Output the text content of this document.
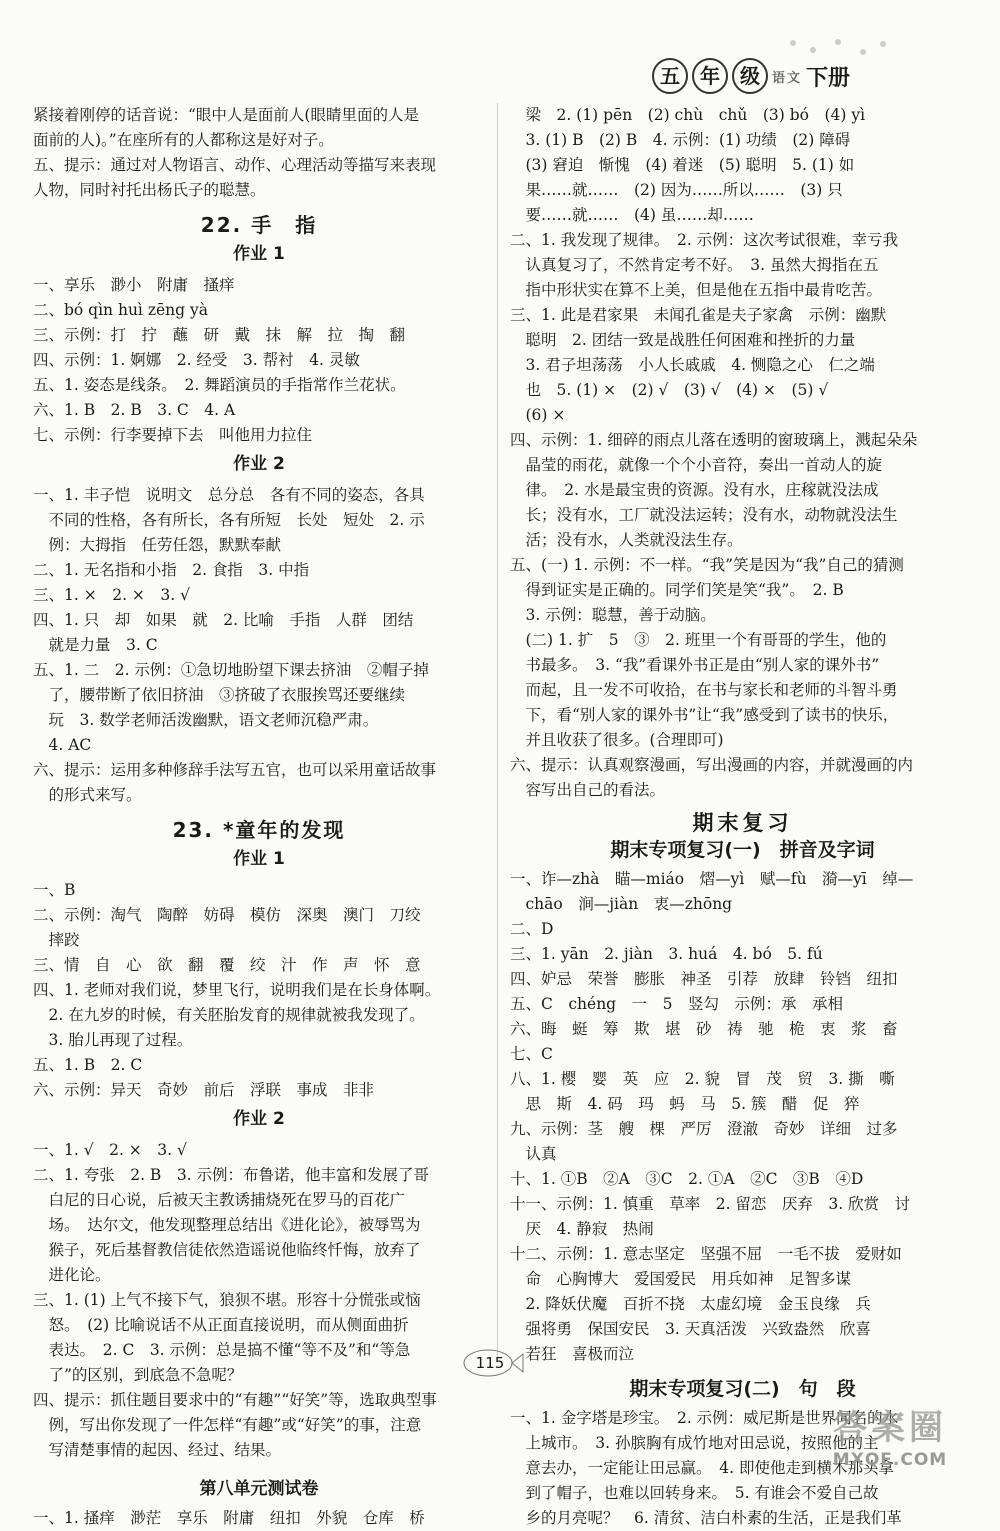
五	年	级 语文 下册
紧接着刚停的话音说：“眼中人是面前人(眼睛里面的人是
面前的人)。”在座所有的人都称这是好对子。
五、提示：通过对人物语言、动作、心理活动等描写来表现
人物，同时衬托出杨氏子的聪慧。
22. 手　指
作业 1
一、享乐　渺小　附庸　搔痒
二、bó qìn huì zēng yà
三、示例：打　拧　蘸　研　戴　抹　解　拉　掏　翻
四、示例：1. 婀娜　2. 经受　3. 帮衬　4. 灵敏
五、1. 姿态是线条。　2. 舞蹈演员的手指常作兰花状。
六、1. B　2. B　3. C　4. A
七、示例：行李要掉下去　叫他用力拉住
作业 2
一、1. 丰子恺　说明文　总分总　各有不同的姿态，各具
　不同的性格，各有所长，各有所短　长处　短处　2. 示
　例：大拇指　任劳任怨，默默奉献
二、1. 无名指和小指　2. 食指　3. 中指
三、1. ×　2. ×　3. √
四、1. 只　却　如果　就　2. 比喻　手指　人群　团结
　就是力量　3. C
五、1. 二　2. 示例：①急切地盼望下课去挤油　②帽子掉
　了，腰带断了依旧挤油　③挤破了衣服挨骂还要继续
　玩　3. 数学老师活泼幽默，语文老师沉稳严肃。
　4. AC
六、提示：运用多种修辞手法写五官，也可以采用童话故事
　的形式来写。
23. *童年的发现
作业 1
一、B
二、示例：淘气　陶醉　妨碍　模仿　深奥　澳门　刀绞
　摔跤
三、情　自　心　欲　翻　覆　绞　汁　作　声　怀　意
四、1. 老师对我们说，梦里飞行，说明我们是在长身体啊。
　2. 在九岁的时候，有关胚胎发育的规律就被我发现了。
　3. 胎儿再现了过程。
五、1. B　2. C
六、示例：异天　奇妙　前后　浮联　事成　非非
作业 2
一、1. √　2. ×　3. √
二、1. 夸张　2. B　3. 示例：布鲁诺，他丰富和发展了哥
　白尼的日心说，后被天主教诱捕烧死在罗马的百花广
　场。　达尔文，他发现整理总结出《进化论》，被辱骂为
　猴子，死后基督教信徒依然造谣说他临终忏悔，放弃了
　进化论。
三、1. (1) 上气不接下气，狼狈不堪。形容十分慌张或恼
　怒。　(2) 比喻说话不从正面直接说明，而从侧面曲折
　表达。　2. C　3. 示例：总是搞不懂“等不及”和“等急
　了”的区别，到底急不急呢？
四、提示：抓住题目要求中的“有趣”“好笑”等，选取典型事
　例，写出你发现了一件怎样“有趣”或“好笑”的事，注意
　写清楚事情的起因、经过、结果。
第八单元测试卷
一、1. 搔痒　渺茫　享乐　附庸　纽扣　外貌　仓库　桥
　梁　2. (1) pēn　(2) chù　chǔ　(3) bó　(4) yì
　3. (1) B　(2) B　4. 示例：(1) 功绩　(2) 障碍
　(3) 窘迫　惭愧　(4) 着迷　(5) 聪明　5. (1) 如
　果……就……　(2) 因为……所以……　(3) 只
　要……就……　(4) 虽……却……
二、1. 我发现了规律。　2. 示例：这次考试很难，幸亏我
　认真复习了，不然肯定考不好。　3. 虽然大拇指在五
　指中形状实在算不上美，但是他在五指中最肯吃苦。
三、1. 此是君家果　未闻孔雀是夫子家禽　示例：幽默
　聪明　2. 团结一致是战胜任何困难和挫折的力量
　3. 君子坦荡荡　小人长戚戚　4. 恻隐之心　仁之端
　也　5. (1) ×　(2) √　(3) √　(4) ×　(5) √
　(6) ×
四、示例：1. 细碎的雨点儿落在透明的窗玻璃上，溅起朵朵
　晶莹的雨花，就像一个个小音符，奏出一首动人的旋
　律。　2. 水是最宝贵的资源。没有水，庄稼就没法成
　长；没有水，工厂就没法运转；没有水，动物就没法生
　活；没有水，人类就没法生存。
五、(一) 1. 示例：不一样。“我”笑是因为“我”自己的猜测
　得到证实是正确的。同学们笑是笑“我”。　2. B
　3. 示例：聪慧，善于动脑。
　(二) 1. 扩　5　③　2. 班里一个有哥哥的学生，他的
　书最多。　3. “我”看课外书正是由“别人家的课外书”
　而起，且一发不可收拾，在书与家长和老师的斗智斗勇
　下，看“别人家的课外书”让“我”感受到了读书的快乐，
　并且收获了很多。(合理即可)
六、提示：认真观察漫画，写出漫画的内容，并就漫画的内
　容写出自己的看法。
期末复习
期末专项复习(一)　拼音及字词
一、诈—zhà　瞄—miáo　熠—yì　赋—fù　漪—yī　绰—
　chāo　涧—jiàn　衷—zhōng
二、D
三、1. yān　2. jiàn　3. huá　4. bó　5. fú
四、妒忌　荣誉　膨胀　神圣　引荐　放肆　铃铛　纽扣
五、C　chéng　一　5　竖勾　示例：承　承相
六、晦　蜓　筹　欺　堪　砂　祷　驰　桅　衷　浆　畜
七、C
八、1. 樱　婴　英　应　2. 貌　冒　茂　贸　3. 撕　嘶
　思　斯　4. 码　玛　蚂　马　5. 簇　醋　促　猝
九、示例：茎　艘　棵　严厉　澄澈　奇妙　详细　过多
　认真
十、1. ①B　②A　③C　2. ①A　②C　③B　④D
十一、示例：1. 慎重　草率　2. 留恋　厌弃　3. 欣赏　讨
　厌　4. 静寂　热闹
十二、示例：1. 意志坚定　坚强不屈　一毛不拔　爱财如
　命　心胸博大　爱国爱民　用兵如神　足智多谋
　2. 降妖伏魔　百折不挠　太虚幻境　金玉良缘　兵
　强将勇　保国安民　3. 天真活泼　兴致盎然　欣喜
　若狂　喜极而泣
期末专项复习(二)　句　段
一、1. 金字塔是珍宝。　2. 示例：威尼斯是世界闻名的水
　上城市。　3. 孙膑胸有成竹地对田忌说，按照他的主
　意去办，一定能让田忌赢。　4. 即使他走到横木那头拿
　到了帽子，也难以回转身来。　5. 有谁会不爱自己故
　乡的月亮呢？　6. 清贫、洁白朴素的生活，正是我们革
115
答案圈
MXQE.COM
